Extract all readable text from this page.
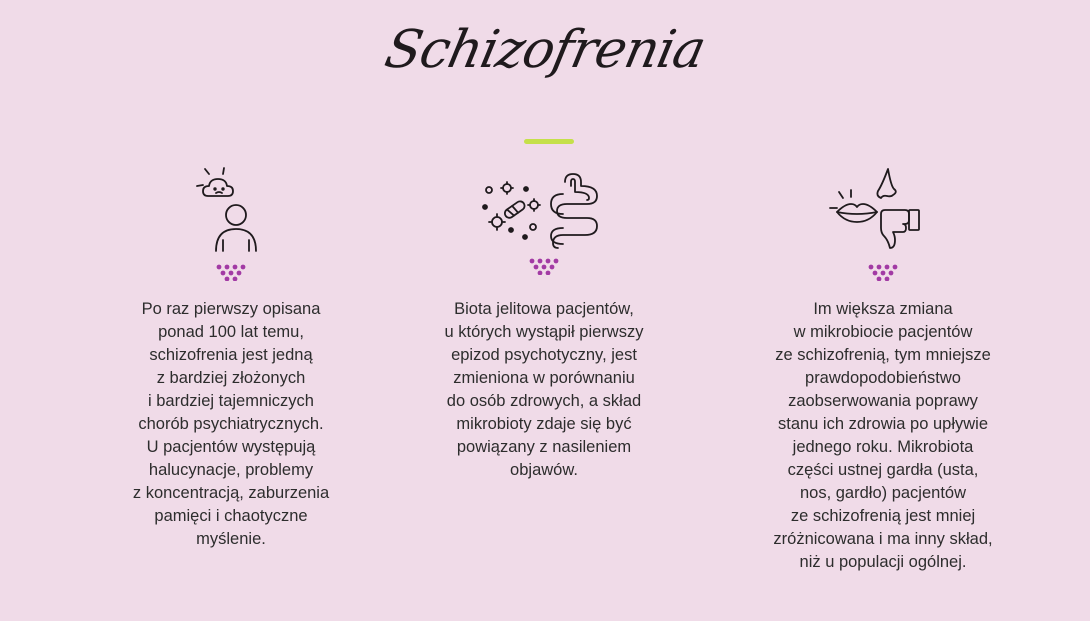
Schizofrenia
Po raz pierwszy opisana
ponad 100 lat temu,
schizofrenia jest jedną
z bardziej złożonych
i bardziej tajemniczych
chorób psychiatrycznych.
U pacjentów występują
halucynacje, problemy
z koncentracją, zaburzenia
pamięci i chaotyczne
myślenie.
Biota jelitowa pacjentów,
u których wystąpił pierwszy
epizod psychotyczny, jest
zmieniona w porównaniu
do osób zdrowych, a skład
mikrobioty zdaje się być
powiązany z nasileniem
objawów.
Im większa zmiana
w mikrobiocie pacjentów
ze schizofrenią, tym mniejsze
prawdopodobieństwo
zaobserwowania poprawy
stanu ich zdrowia po upływie
jednego roku. Mikrobiota
części ustnej gardła (usta,
nos, gardło) pacjentów
ze schizofrenią jest mniej
zróżnicowana i ma inny skład,
niż u populacji ogólnej.
